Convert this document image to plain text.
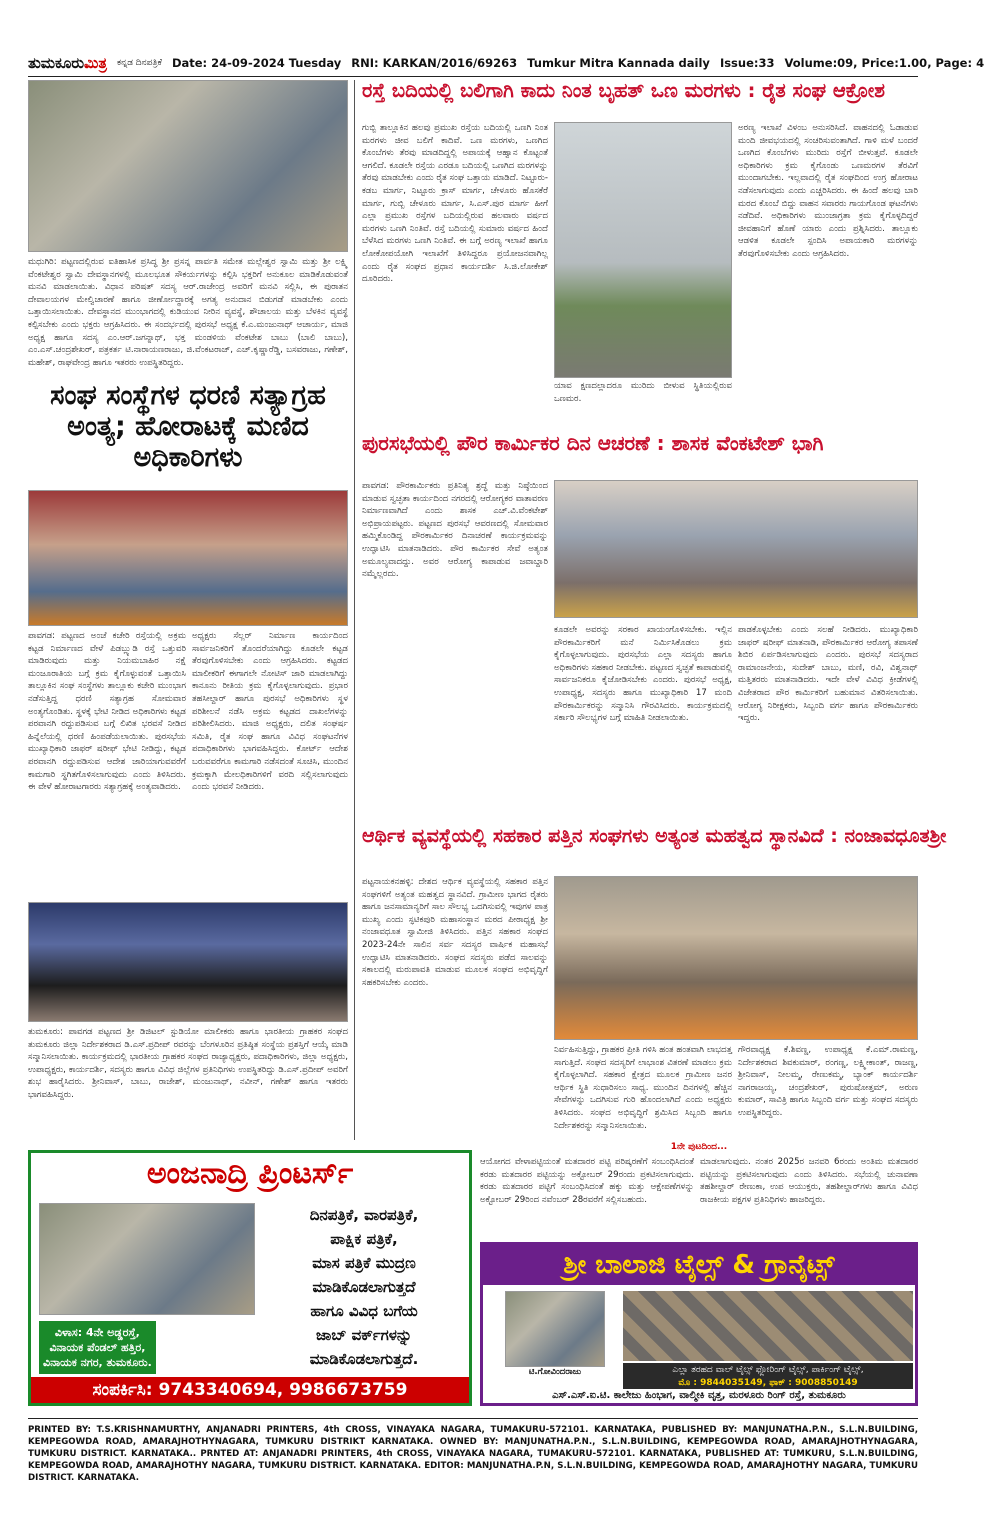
ತುಮಕೂರುಮಿತ್ರ ಕನ್ನಡ ದಿನಪತ್ರಿಕೆ Date: 24-09-2024 Tuesday RNI: KARKAN/2016/69263 Tumkur Mitra Kannada daily Issue:33 Volume:09, Price:1.00, Page: 4
ಮಧುಗಿರಿ: ಪಟ್ಟಣದಲ್ಲಿರುವ ಐತಿಹಾಸಿಕ ಪ್ರಸಿದ್ಧ ಶ್ರೀ ಪ್ರಸನ್ನ ಪಾರ್ವತಿ ಸಮೇತ ಮಲ್ಲೇಶ್ವರ ಸ್ವಾಮಿ ಮತ್ತು ಶ್ರೀ ಲಕ್ಷ್ಮಿ ವೆಂಕಟೇಶ್ವರ ಸ್ವಾಮಿ ದೇವಸ್ಥಾನಗಳಲ್ಲಿ ಮೂಲಭೂತ ಸೌಕರ್ಯಗಳನ್ನು ಕಲ್ಪಿಸಿ ಭಕ್ತರಿಗೆ ಅನುಕೂಲ ಮಾಡಿಕೊಡುವಂತೆ ಮನವಿ ಮಾಡಲಾಯಿತು. ವಿಧಾನ ಪರಿಷತ್ ಸದಸ್ಯ ಆರ್.ರಾಜೇಂದ್ರ ಅವರಿಗೆ ಮನವಿ ಸಲ್ಲಿಸಿ, ಈ ಪುರಾತನ ದೇವಾಲಯಗಳ ಮೇಲ್ವಿಚಾರಣೆ ಹಾಗೂ ಜೀರ್ಣೋದ್ಧಾರಕ್ಕೆ ಅಗತ್ಯ ಅನುದಾನ ಬಿಡುಗಡೆ ಮಾಡಬೇಕು ಎಂದು ಒತ್ತಾಯಿಸಲಾಯಿತು. ದೇವಸ್ಥಾನದ ಮುಂಭಾಗದಲ್ಲಿ ಕುಡಿಯುವ ನೀರಿನ ವ್ಯವಸ್ಥೆ, ಶೌಚಾಲಯ ಮತ್ತು ಬೆಳಕಿನ ವ್ಯವಸ್ಥೆ ಕಲ್ಪಿಸಬೇಕು ಎಂದು ಭಕ್ತರು ಆಗ್ರಹಿಸಿದರು. ಈ ಸಂದರ್ಭದಲ್ಲಿ ಪುರಸಭೆ ಅಧ್ಯಕ್ಷ ಕೆ.ಎ.ಮಂಜುನಾಥ್ ಆಚಾರ್ಯ, ಮಾಜಿ ಅಧ್ಯಕ್ಷ ಹಾಗೂ ಸದಸ್ಯ ಎಂ.ಆರ್.ಜಗನ್ನಾಥ್, ಭಕ್ತ ಮಂಡಳಿಯ ವೆಂಕಟೇಶ ಬಾಬು (ಬಾಲಿ ಬಾಬು), ಎಂ.ಎಸ್.ಚಂದ್ರಶೇಖರ್, ಪತ್ರಕರ್ತ ಟಿ.ನಾರಾಯಣರಾಜು, ಜಿ.ವೆಂಕಟರಾಜ್, ಎಚ್.ಕೃಷ್ಣಾರೆಡ್ಡಿ, ಬಸವರಾಜು, ಗಣೇಶ್, ಮಹೇಶ್, ರಾಘವೇಂದ್ರ ಹಾಗೂ ಇತರರು ಉಪಸ್ಥಿತರಿದ್ದರು.
ಸಂಘ ಸಂಸ್ಥೆಗಳ ಧರಣಿ ಸತ್ಯಾಗ್ರಹ ಅಂತ್ಯ; ಹೋರಾಟಕ್ಕೆ ಮಣಿದ ಅಧಿಕಾರಿಗಳು
ಪಾವಗಡ: ಪಟ್ಟಣದ ಅಂಚೆ ಕಚೇರಿ ರಸ್ತೆಯಲ್ಲಿ ಅಕ್ರಮ ಕಟ್ಟಡ ನಿರ್ಮಾಣದ ವೇಳೆ ಪಿಡಬ್ಲ್ಯುಡಿ ರಸ್ತೆ ಒತ್ತುವರಿ ಮಾಡಿರುವುದು ಮತ್ತು ನಿಯಮಬಾಹಿರ ನಕ್ಷೆ ಮಂಜೂರಾತಿಯ ಬಗ್ಗೆ ಕ್ರಮ ಕೈಗೊಳ್ಳುವಂತೆ ಒತ್ತಾಯಿಸಿ ತಾಲ್ಲೂಕಿನ ಸಂಘ ಸಂಸ್ಥೆಗಳು ತಾಲ್ಲೂಕು ಕಚೇರಿ ಮುಂಭಾಗ ನಡೆಸುತ್ತಿದ್ದ ಧರಣಿ ಸತ್ಯಾಗ್ರಹ ಸೋಮವಾರ ಅಂತ್ಯಗೊಂಡಿತು. ಸ್ಥಳಕ್ಕೆ ಭೇಟಿ ನೀಡಿದ ಅಧಿಕಾರಿಗಳು ಕಟ್ಟಡ ಪರವಾನಗಿ ರದ್ದುಪಡಿಸುವ ಬಗ್ಗೆ ಲಿಖಿತ ಭರವಸೆ ನೀಡಿದ ಹಿನ್ನೆಲೆಯಲ್ಲಿ ಧರಣಿ ಹಿಂಪಡೆಯಲಾಯಿತು. ಪುರಸಭೆಯ ಮುಖ್ಯಾಧಿಕಾರಿ ಜಾಫರ್ ಷರೀಫ್ ಭೇಟಿ ನೀಡಿದ್ದು, ಕಟ್ಟಡ ಪರವಾನಗಿ ರದ್ದುಪಡಿಸುವ ಆದೇಶ ಜಾರಿಯಾಗುವವರೆಗೆ ಕಾಮಗಾರಿ ಸ್ಥಗಿತಗೊಳಿಸಲಾಗುವುದು ಎಂದು ತಿಳಿಸಿದರು. ಈ ವೇಳೆ ಹೋರಾಟಗಾರರು ಸತ್ಯಾಗ್ರಹಕ್ಕೆ ಅಂತ್ಯವಾಡಿದರು.
ಅಧ್ಯಕ್ಷರು ಸೆಲ್ಲರ್ ನಿರ್ಮಾಣ ಕಾರ್ಯದಿಂದ ಸಾರ್ವಜನಿಕರಿಗೆ ತೊಂದರೆಯಾಗಿದ್ದು ಕೂಡಲೇ ಕಟ್ಟಡ ತೆರವುಗೊಳಿಸಬೇಕು ಎಂದು ಆಗ್ರಹಿಸಿದರು. ಕಟ್ಟಡದ ಮಾಲೀಕರಿಗೆ ಈಗಾಗಲೇ ನೋಟಿಸ್ ಜಾರಿ ಮಾಡಲಾಗಿದ್ದು ಕಾನೂನು ರೀತಿಯ ಕ್ರಮ ಕೈಗೊಳ್ಳಲಾಗುವುದು. ಪ್ರಭಾರ ತಹಸೀಲ್ದಾರ್ ಹಾಗೂ ಪುರಸಭೆ ಅಧಿಕಾರಿಗಳು ಸ್ಥಳ ಪರಿಶೀಲನೆ ನಡೆಸಿ ಅಕ್ರಮ ಕಟ್ಟಡದ ದಾಖಲೆಗಳನ್ನು ಪರಿಶೀಲಿಸಿದರು. ಮಾಜಿ ಅಧ್ಯಕ್ಷರು, ದಲಿತ ಸಂಘರ್ಷ ಸಮಿತಿ, ರೈತ ಸಂಘ ಹಾಗೂ ವಿವಿಧ ಸಂಘಟನೆಗಳ ಪದಾಧಿಕಾರಿಗಳು ಭಾಗವಹಿಸಿದ್ದರು. ಕೋರ್ಟ್ ಆದೇಶ ಬರುವವರೆಗೂ ಕಾಮಗಾರಿ ನಡೆಸದಂತೆ ಸೂಚಿಸಿ, ಮುಂದಿನ ಕ್ರಮಕ್ಕಾಗಿ ಮೇಲಧಿಕಾರಿಗಳಿಗೆ ವರದಿ ಸಲ್ಲಿಸಲಾಗುವುದು ಎಂದು ಭರವಸೆ ನೀಡಿದರು.
ತುಮಕೂರು: ಪಾವಗಡ ಪಟ್ಟಣದ ಶ್ರೀ ಡಿಜಿಟಲ್ ಸ್ಟುಡಿಯೋ ಮಾಲೀಕರು ಹಾಗೂ ಭಾರತೀಯ ಗ್ರಾಹಕರ ಸಂಘದ ತುಮಕೂರು ಜಿಲ್ಲಾ ನಿರ್ದೇಶಕರಾದ ಡಿ.ಎಸ್.ಪ್ರದೀಪ್ ರವರನ್ನು ಬೆಂಗಳೂರಿನ ಪ್ರತಿಷ್ಠಿತ ಸಂಸ್ಥೆಯ ಪ್ರಶಸ್ತಿಗೆ ಆಯ್ಕೆ ಮಾಡಿ ಸನ್ಮಾನಿಸಲಾಯಿತು. ಕಾರ್ಯಕ್ರಮದಲ್ಲಿ ಭಾರತೀಯ ಗ್ರಾಹಕರ ಸಂಘದ ರಾಜ್ಯಾಧ್ಯಕ್ಷರು, ಪದಾಧಿಕಾರಿಗಳು, ಜಿಲ್ಲಾ ಅಧ್ಯಕ್ಷರು, ಉಪಾಧ್ಯಕ್ಷರು, ಕಾರ್ಯದರ್ಶಿ, ಸದಸ್ಯರು ಹಾಗೂ ವಿವಿಧ ಜಿಲ್ಲೆಗಳ ಪ್ರತಿನಿಧಿಗಳು ಉಪಸ್ಥಿತರಿದ್ದು ಡಿ.ಎಸ್.ಪ್ರದೀಪ್ ಅವರಿಗೆ ಶುಭ ಹಾರೈಸಿದರು. ಶ್ರೀನಿವಾಸ್, ಬಾಬು, ರಾಜೇಶ್, ಮಂಜುನಾಥ್, ನವೀನ್, ಗಣೇಶ್ ಹಾಗೂ ಇತರರು ಭಾಗವಹಿಸಿದ್ದರು.
ರಸ್ತೆ ಬದಿಯಲ್ಲಿ ಬಲಿಗಾಗಿ ಕಾದು ನಿಂತ ಬೃಹತ್ ಒಣ ಮರಗಳು : ರೈತ ಸಂಘ ಆಕ್ರೋಶ
ಗುಬ್ಬಿ ತಾಲ್ಲೂಕಿನ ಹಲವು ಪ್ರಮುಖ ರಸ್ತೆಯ ಬದಿಯಲ್ಲಿ ಒಣಗಿ ನಿಂತ ಮರಗಳು ಜೀವ ಬಲಿಗೆ ಕಾದಿವೆ. ಒಣ ಮರಗಳು, ಒಣಗಿದ ಕೊಂಬೆಗಳು ತೆರವು ಮಾಡದಿದ್ದಲ್ಲಿ ಅಪಾಯಕ್ಕೆ ಆಹ್ವಾನ ಕೊಟ್ಟಂತೆ ಆಗಲಿದೆ. ಕೂಡಲೇ ರಸ್ತೆಯ ಎರಡೂ ಬದಿಯಲ್ಲಿ ಒಣಗಿದ ಮರಗಳನ್ನು ತೆರವು ಮಾಡಬೇಕು ಎಂದು ರೈತ ಸಂಘ ಒತ್ತಾಯ ಮಾಡಿದೆ. ನಿಟ್ಟೂರು-ಕಡಬ ಮಾರ್ಗ, ನಿಟ್ಟೂರು ಕ್ರಾಸ್ ಮಾರ್ಗ, ಚೇಳೂರು ಹೊಸಕೆರೆ ಮಾರ್ಗ, ಗುಬ್ಬಿ ಚೇಳೂರು ಮಾರ್ಗ, ಸಿ.ಎಸ್.ಪುರ ಮಾರ್ಗ ಹೀಗೆ ಎಲ್ಲಾ ಪ್ರಮುಖ ರಸ್ತೆಗಳ ಬದಿಯಲ್ಲಿರುವ ಹಲವಾರು ವರ್ಷದ ಮರಗಳು ಒಣಗಿ ನಿಂತಿವೆ. ರಸ್ತೆ ಬದಿಯಲ್ಲಿ ಸುಮಾರು ವರ್ಷದ ಹಿಂದೆ ಬೆಳೆಸಿದ ಮರಗಳು ಒಣಗಿ ನಿಂತಿವೆ. ಈ ಬಗ್ಗೆ ಅರಣ್ಯ ಇಲಾಖೆ ಹಾಗೂ ಲೋಕೋಪಯೋಗಿ ಇಲಾಖೆಗೆ ತಿಳಿಸಿದ್ದರೂ ಪ್ರಯೋಜನವಾಗಿಲ್ಲ ಎಂದು ರೈತ ಸಂಘದ ಪ್ರಧಾನ ಕಾರ್ಯದರ್ಶಿ ಸಿ.ಜಿ.ಲೋಕೇಶ್ ದೂರಿದರು.
ಯಾವ ಕ್ಷಣದಲ್ಲಾದರೂ ಮುರಿದು ಬೀಳುವ ಸ್ಥಿತಿಯಲ್ಲಿರುವ ಒಣಮರ.
ಅರಣ್ಯ ಇಲಾಖೆ ವಿಳಂಬ ಅನುಸರಿಸಿದೆ. ವಾಹನದಲ್ಲಿ ಓಡಾಡುವ ಮಂದಿ ಜೀವಭಯದಲ್ಲಿ ಸಂಚರಿಸುವಂತಾಗಿದೆ. ಗಾಳಿ ಮಳೆ ಬಂದರೆ ಒಣಗಿದ ಕೊಂಬೆಗಳು ಮುರಿದು ರಸ್ತೆಗೆ ಬೀಳುತ್ತವೆ. ಕೂಡಲೇ ಅಧಿಕಾರಿಗಳು ಕ್ರಮ ಕೈಗೊಂಡು ಒಣಮರಗಳ ತೆರವಿಗೆ ಮುಂದಾಗಬೇಕು. ಇಲ್ಲವಾದಲ್ಲಿ ರೈತ ಸಂಘದಿಂದ ಉಗ್ರ ಹೋರಾಟ ನಡೆಸಲಾಗುವುದು ಎಂದು ಎಚ್ಚರಿಸಿದರು. ಈ ಹಿಂದೆ ಹಲವು ಬಾರಿ ಮರದ ಕೊಂಬೆ ಬಿದ್ದು ವಾಹನ ಸವಾರರು ಗಾಯಗೊಂಡ ಘಟನೆಗಳು ನಡೆದಿವೆ. ಅಧಿಕಾರಿಗಳು ಮುಂಜಾಗ್ರತಾ ಕ್ರಮ ಕೈಗೊಳ್ಳದಿದ್ದರೆ ಜೀವಹಾನಿಗೆ ಹೊಣೆ ಯಾರು ಎಂದು ಪ್ರಶ್ನಿಸಿದರು. ತಾಲ್ಲೂಕು ಆಡಳಿತ ಕೂಡಲೇ ಸ್ಪಂದಿಸಿ ಅಪಾಯಕಾರಿ ಮರಗಳನ್ನು ತೆರವುಗೊಳಿಸಬೇಕು ಎಂದು ಆಗ್ರಹಿಸಿದರು.
ಪುರಸಭೆಯಲ್ಲಿ ಪೌರ ಕಾರ್ಮಿಕರ ದಿನ ಆಚರಣೆ : ಶಾಸಕ ವೆಂಕಟೇಶ್ ಭಾಗಿ
ಪಾವಗಡ: ಪೌರಕಾರ್ಮಿಕರು ಪ್ರತಿನಿತ್ಯ ಶ್ರದ್ಧೆ ಮತ್ತು ನಿಷ್ಠೆಯಿಂದ ಮಾಡುವ ಸ್ವಚ್ಛತಾ ಕಾರ್ಯದಿಂದ ನಗರದಲ್ಲಿ ಆರೋಗ್ಯಕರ ವಾತಾವರಣ ನಿರ್ಮಾಣವಾಗಿದೆ ಎಂದು ಶಾಸಕ ಎಚ್.ವಿ.ವೆಂಕಟೇಶ್ ಅಭಿಪ್ರಾಯಪಟ್ಟರು. ಪಟ್ಟಣದ ಪುರಸಭೆ ಆವರಣದಲ್ಲಿ ಸೋಮವಾರ ಹಮ್ಮಿಕೊಂಡಿದ್ದ ಪೌರಕಾರ್ಮಿಕರ ದಿನಾಚರಣೆ ಕಾರ್ಯಕ್ರಮವನ್ನು ಉದ್ಘಾಟಿಸಿ ಮಾತನಾಡಿದರು. ಪೌರ ಕಾರ್ಮಿಕರ ಸೇವೆ ಅತ್ಯಂತ ಅಮೂಲ್ಯವಾದದ್ದು. ಅವರ ಆರೋಗ್ಯ ಕಾಪಾಡುವ ಜವಾಬ್ದಾರಿ ನಮ್ಮೆಲ್ಲರದು.
ಕೂಡಲೇ ಅವರನ್ನು ಸರಕಾರ ಖಾಯಂಗೊಳಿಸಬೇಕು. ಇಲ್ಲಿನ ಪೌರಕಾರ್ಮಿಕರಿಗೆ ಮನೆ ನಿರ್ಮಿಸಿಕೊಡಲು ಕ್ರಮ ಕೈಗೊಳ್ಳಲಾಗುವುದು. ಪುರಸಭೆಯ ಎಲ್ಲಾ ಸದಸ್ಯರು ಹಾಗೂ ಅಧಿಕಾರಿಗಳು ಸಹಕಾರ ನೀಡಬೇಕು. ಪಟ್ಟಣದ ಸ್ವಚ್ಛತೆ ಕಾಪಾಡುವಲ್ಲಿ ಸಾರ್ವಜನಿಕರೂ ಕೈಜೋಡಿಸಬೇಕು ಎಂದರು. ಪುರಸಭೆ ಅಧ್ಯಕ್ಷ, ಉಪಾಧ್ಯಕ್ಷ, ಸದಸ್ಯರು ಹಾಗೂ ಮುಖ್ಯಾಧಿಕಾರಿ 17 ಮಂದಿ ಪೌರಕಾರ್ಮಿಕರನ್ನು ಸನ್ಮಾನಿಸಿ ಗೌರವಿಸಿದರು. ಕಾರ್ಯಕ್ರಮದಲ್ಲಿ ಸರ್ಕಾರಿ ಸೌಲಭ್ಯಗಳ ಬಗ್ಗೆ ಮಾಹಿತಿ ನೀಡಲಾಯಿತು.
ಪಾಡಕೊಳ್ಳಬೇಕು ಎಂದು ಸಲಹೆ ನೀಡಿದರು. ಮುಖ್ಯಾಧಿಕಾರಿ ಜಾಫರ್ ಷರೀಫ್ ಮಾತನಾಡಿ, ಪೌರಕಾರ್ಮಿಕರ ಆರೋಗ್ಯ ತಪಾಸಣೆ ಶಿಬಿರ ಏರ್ಪಡಿಸಲಾಗುವುದು ಎಂದರು. ಪುರಸಭೆ ಸದಸ್ಯರಾದ ರಾಮಾಂಜನೇಯ, ಸುದೇಶ್ ಬಾಬು, ಮಣಿ, ರವಿ, ವಿಶ್ವನಾಥ್ ಮತ್ತಿತರರು ಮಾತನಾಡಿದರು. ಇದೇ ವೇಳೆ ವಿವಿಧ ಕ್ರೀಡೆಗಳಲ್ಲಿ ವಿಜೇತರಾದ ಪೌರ ಕಾರ್ಮಿಕರಿಗೆ ಬಹುಮಾನ ವಿತರಿಸಲಾಯಿತು. ಆರೋಗ್ಯ ನಿರೀಕ್ಷಕರು, ಸಿಬ್ಬಂದಿ ವರ್ಗ ಹಾಗೂ ಪೌರಕಾರ್ಮಿಕರು ಇದ್ದರು.
ಆರ್ಥಿಕ ವ್ಯವಸ್ಥೆಯಲ್ಲಿ ಸಹಕಾರ ಪತ್ತಿನ ಸಂಘಗಳು ಅತ್ಯಂತ ಮಹತ್ವದ ಸ್ಥಾನವಿದೆ : ನಂಜಾವಧೂತಶ್ರೀ
ಪಟ್ಟನಾಯಕನಹಳ್ಳಿ: ದೇಶದ ಆರ್ಥಿಕ ವ್ಯವಸ್ಥೆಯಲ್ಲಿ ಸಹಕಾರ ಪತ್ತಿನ ಸಂಘಗಳಿಗೆ ಅತ್ಯಂತ ಮಹತ್ವದ ಸ್ಥಾನವಿದೆ. ಗ್ರಾಮೀಣ ಭಾಗದ ರೈತರು ಹಾಗೂ ಜನಸಾಮಾನ್ಯರಿಗೆ ಸಾಲ ಸೌಲಭ್ಯ ಒದಗಿಸುವಲ್ಲಿ ಇವುಗಳ ಪಾತ್ರ ಮುಖ್ಯ ಎಂದು ಸ್ಫಟಿಕಪುರಿ ಮಹಾಸಂಸ್ಥಾನ ಮಠದ ಪೀಠಾಧ್ಯಕ್ಷ ಶ್ರೀ ನಂಜಾವಧೂತ ಸ್ವಾಮೀಜಿ ತಿಳಿಸಿದರು. ಪತ್ತಿನ ಸಹಕಾರ ಸಂಘದ 2023-24ನೇ ಸಾಲಿನ ಸರ್ವ ಸದಸ್ಯರ ವಾರ್ಷಿಕ ಮಹಾಸಭೆ ಉದ್ಘಾಟಿಸಿ ಮಾತನಾಡಿದರು. ಸಂಘದ ಸದಸ್ಯರು ಪಡೆದ ಸಾಲವನ್ನು ಸಕಾಲದಲ್ಲಿ ಮರುಪಾವತಿ ಮಾಡುವ ಮೂಲಕ ಸಂಘದ ಅಭಿವೃದ್ಧಿಗೆ ಸಹಕರಿಸಬೇಕು ಎಂದರು.
ನಿರ್ವಹಿಸುತ್ತಿದ್ದು, ಗ್ರಾಹಕರ ಪ್ರೀತಿ ಗಳಿಸಿ ಹಂತ ಹಂತವಾಗಿ ಲಾಭದತ್ತ ಸಾಗುತ್ತಿದೆ. ಸಂಘದ ಸದಸ್ಯರಿಗೆ ಲಾಭಾಂಶ ವಿತರಣೆ ಮಾಡಲು ಕ್ರಮ ಕೈಗೊಳ್ಳಲಾಗಿದೆ. ಸಹಕಾರ ಕ್ಷೇತ್ರದ ಮೂಲಕ ಗ್ರಾಮೀಣ ಜನರ ಆರ್ಥಿಕ ಸ್ಥಿತಿ ಸುಧಾರಿಸಲು ಸಾಧ್ಯ. ಮುಂದಿನ ದಿನಗಳಲ್ಲಿ ಹೆಚ್ಚಿನ ಸೇವೆಗಳನ್ನು ಒದಗಿಸುವ ಗುರಿ ಹೊಂದಲಾಗಿದೆ ಎಂದು ಅಧ್ಯಕ್ಷರು ತಿಳಿಸಿದರು. ಸಂಘದ ಅಭಿವೃದ್ಧಿಗೆ ಶ್ರಮಿಸಿದ ಸಿಬ್ಬಂದಿ ಹಾಗೂ ನಿರ್ದೇಶಕರನ್ನು ಸನ್ಮಾನಿಸಲಾಯಿತು.
ಗೌರವಾಧ್ಯಕ್ಷ ಕೆ.ಶಿವಣ್ಣ, ಉಪಾಧ್ಯಕ್ಷ ಕೆ.ಎಮ್.ರಾಮಣ್ಣ, ನಿರ್ದೇಶಕರಾದ ಶಿವಕುಮಾರ್, ರಂಗಣ್ಣ, ಲಕ್ಷ್ಮೀಕಾಂತ್, ರಾಜಣ್ಣ, ಶ್ರೀನಿವಾಸ್, ನೀಲಮ್ಮ, ರೇಣುಕಮ್ಮ, ಬ್ಯಾಂಕ್ ಕಾರ್ಯದರ್ಶಿ ನಾಗರಾಜಯ್ಯ, ಚಂದ್ರಶೇಖರ್, ಪುರುಷೋತ್ತಮ್, ಅರುಣ ಕುಮಾರ್, ಸಾವಿತ್ರಿ ಹಾಗೂ ಸಿಬ್ಬಂದಿ ವರ್ಗ ಮತ್ತು ಸಂಘದ ಸದಸ್ಯರು ಉಪಸ್ಥಿತರಿದ್ದರು.
1ನೇ ಪುಟದಿಂದ...
ಆಯೋಗದ ವೇಳಾಪಟ್ಟಿಯಂತೆ ಮತದಾರರ ಪಟ್ಟಿ ಪರಿಷ್ಕರಣೆಗೆ ಸಂಬಂಧಿಸಿದಂತೆ ಕರಡು ಮತದಾರರ ಪಟ್ಟಿಯನ್ನು ಅಕ್ಟೋಬರ್ 29ರಂದು ಪ್ರಕಟಿಸಲಾಗುವುದು. ಕರಡು ಮತದಾರರ ಪಟ್ಟಿಗೆ ಸಂಬಂಧಿಸಿದಂತೆ ಹಕ್ಕು ಮತ್ತು ಆಕ್ಷೇಪಣೆಗಳನ್ನು ಅಕ್ಟೋಬರ್ 29ರಿಂದ ನವೆಂಬರ್ 28ರವರೆಗೆ ಸಲ್ಲಿಸಬಹುದು.
ಮಾಡಲಾಗುವುದು. ನಂತರ 2025ರ ಜನವರಿ 6ರಂದು ಅಂತಿಮ ಮತದಾರರ ಪಟ್ಟಿಯನ್ನು ಪ್ರಕಟಿಸಲಾಗುವುದು ಎಂದು ತಿಳಿಸಿದರು. ಸಭೆಯಲ್ಲಿ ಚುನಾವಣಾ ತಹಶೀಲ್ದಾರ್ ರೇಣುಕಾ, ಉಪ ಆಯುಕ್ತರು, ತಹಶೀಲ್ದಾರ್‌ಗಳು ಹಾಗೂ ವಿವಿಧ ರಾಜಕೀಯ ಪಕ್ಷಗಳ ಪ್ರತಿನಿಧಿಗಳು ಹಾಜರಿದ್ದರು.
ಅಂಜನಾದ್ರಿ ಪ್ರಿಂಟರ್ಸ್
ದಿನಪತ್ರಿಕೆ, ವಾರಪತ್ರಿಕೆ,
ಪಾಕ್ಷಿಕ ಪತ್ರಿಕೆ,
ಮಾಸ ಪತ್ರಿಕೆ ಮುದ್ರಣ
ಮಾಡಿಕೊಡಲಾಗುತ್ತದೆ
ಹಾಗೂ ವಿವಿಧ ಬಗೆಯ
ಜಾಬ್ ವರ್ಕ್‌ಗಳನ್ನು
ಮಾಡಿಕೊಡಲಾಗುತ್ತದೆ.
ವಿಳಾಸ: 4ನೇ ಅಡ್ಡರಸ್ತೆ,
ವಿನಾಯಕ ಪೆಂಡಲ್ ಹತ್ತಿರ,
ವಿನಾಯಕ ನಗರ, ತುಮಕೂರು.
ಸಂಪರ್ಕಿಸಿ: 9743340694, 9986673759
ಶ್ರೀ ಬಾಲಾಜಿ ಟೈಲ್ಸ್ & ಗ್ರಾನೈಟ್ಸ್
ಟಿ.ಗೋವಿಂದರಾಜು	ಎಲ್ಲಾ ತರಹದ ವಾಲ್ ಟೈಲ್ಸ್ ಫ್ಲೋರಿಂಗ್ ಟೈಲ್ಸ್, ಪಾರ್ಕಿಂಗ್ ಟೈಲ್ಸ್,
ಮೊ : 9844035149, ಫಾಕ್ : 9008850149
ಎಸ್.ಎಸ್.ಐ.ಟಿ. ಕಾಲೇಜು ಹಿಂಭಾಗ, ವಾಲ್ಮೀಕಿ ವೃತ್ತ, ಮರಳೂರು ರಿಂಗ್ ರಸ್ತೆ, ತುಮಕೂರು
PRINTED BY: T.S.KRISHNAMURTHY, ANJANADRI PRINTERS, 4th CROSS, VINAYAKA NAGARA, TUMAKURU-572101. KARNATAKA, PUBLISHED BY: MANJUNATHA.P.N., S.L.N.BUILDING, KEMPEGOWDA ROAD, AMARAJHOTHYNAGARA, TUMKURU DISTRIKT KARNATAKA. OWNED BY: MANJUNATHA.P.N., S.L.N.BUILDING, KEMPEGOWDA ROAD, AMARAJHOTHYNAGARA, TUMKURU DISTRICT. KARNATAKA.. PRNTED AT: ANJANADRI PRINTERS, 4th CROSS, VINAYAKA NAGARA, TUMAKURU-572101. KARNATAKA, PUBLISHED AT: TUMKURU, S.L.N.BUILDING, KEMPEGOWDA ROAD, AMARAJHOTHY NAGARA, TUMKURU DISTRICT. KARNATAKA. EDITOR: MANJUNATHA.P.N, S.L.N.BUILDING, KEMPEGOWDA ROAD, AMARAJHOTHY NAGARA, TUMKURU DISTRICT. KARNATAKA.
